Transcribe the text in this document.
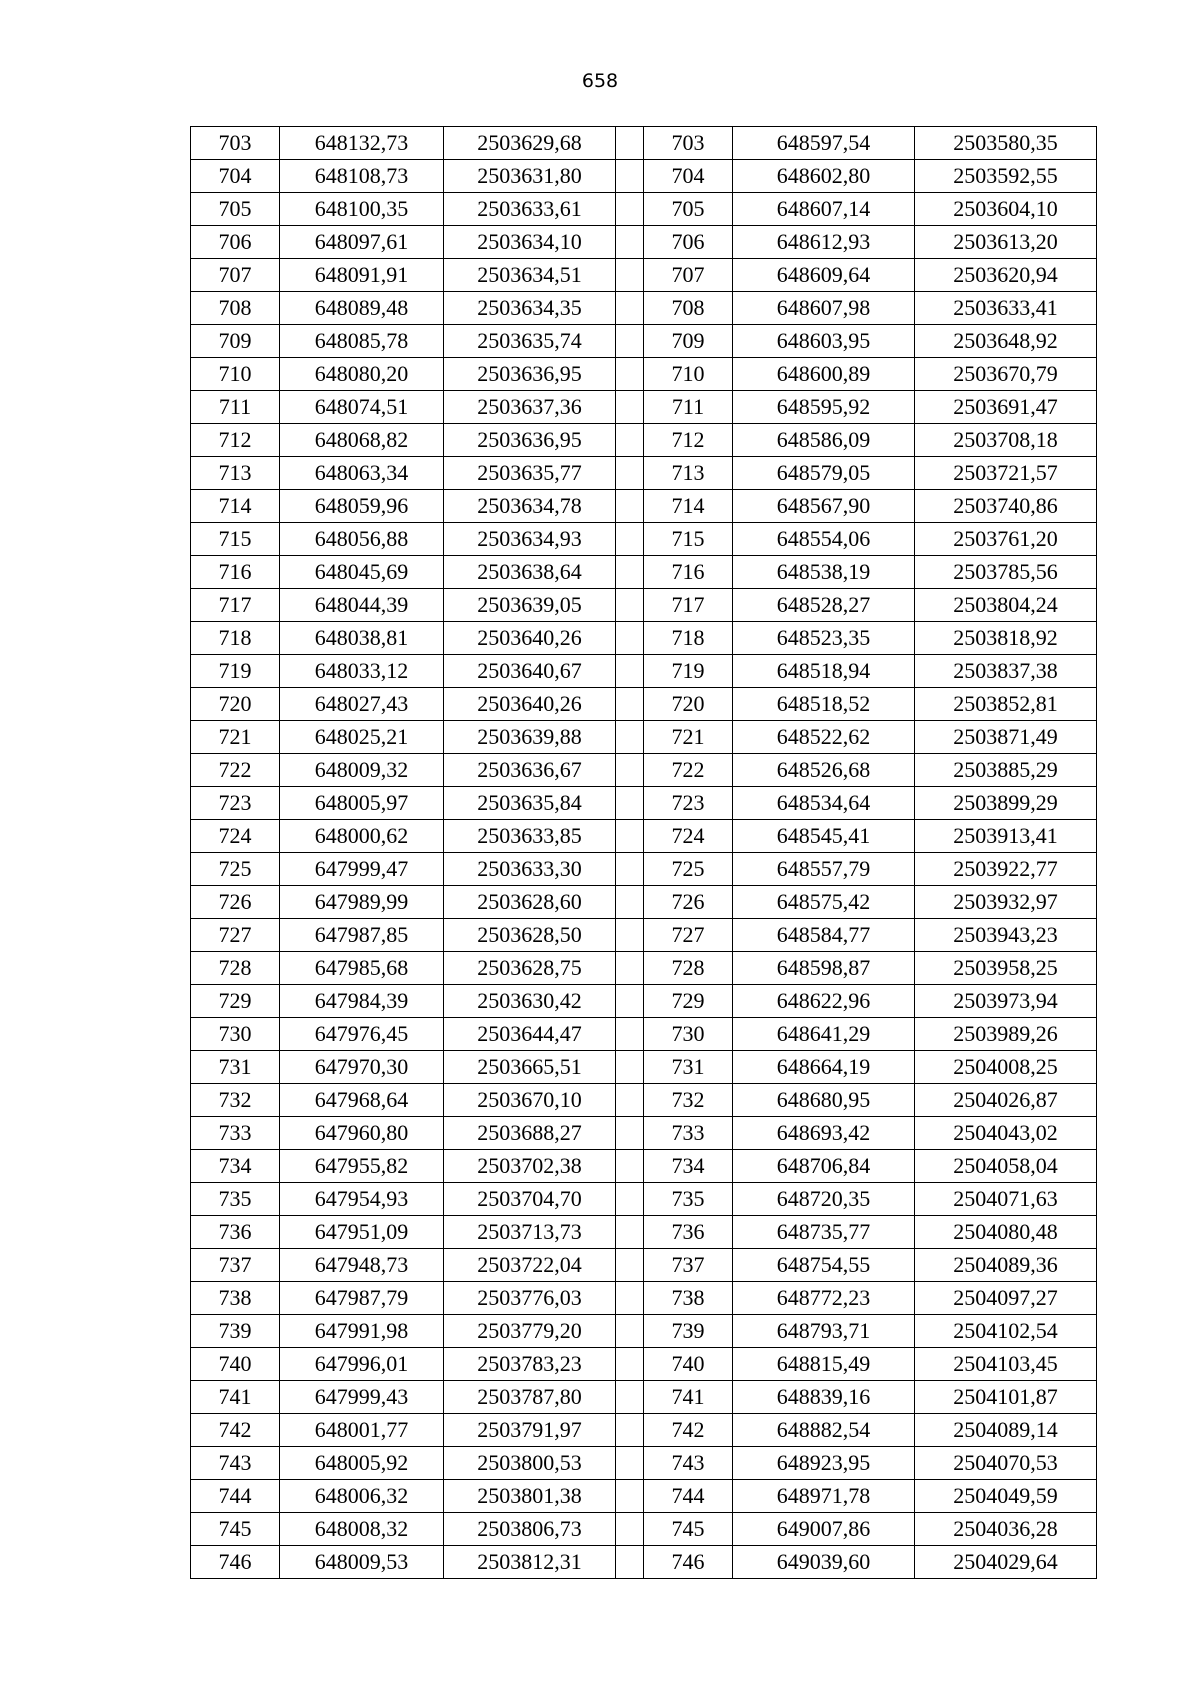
658
703	648132,73	2503629,68		703	648597,54	2503580,35
704	648108,73	2503631,80		704	648602,80	2503592,55
705	648100,35	2503633,61		705	648607,14	2503604,10
706	648097,61	2503634,10		706	648612,93	2503613,20
707	648091,91	2503634,51		707	648609,64	2503620,94
708	648089,48	2503634,35		708	648607,98	2503633,41
709	648085,78	2503635,74		709	648603,95	2503648,92
710	648080,20	2503636,95		710	648600,89	2503670,79
711	648074,51	2503637,36		711	648595,92	2503691,47
712	648068,82	2503636,95		712	648586,09	2503708,18
713	648063,34	2503635,77		713	648579,05	2503721,57
714	648059,96	2503634,78		714	648567,90	2503740,86
715	648056,88	2503634,93		715	648554,06	2503761,20
716	648045,69	2503638,64		716	648538,19	2503785,56
717	648044,39	2503639,05		717	648528,27	2503804,24
718	648038,81	2503640,26		718	648523,35	2503818,92
719	648033,12	2503640,67		719	648518,94	2503837,38
720	648027,43	2503640,26		720	648518,52	2503852,81
721	648025,21	2503639,88		721	648522,62	2503871,49
722	648009,32	2503636,67		722	648526,68	2503885,29
723	648005,97	2503635,84		723	648534,64	2503899,29
724	648000,62	2503633,85		724	648545,41	2503913,41
725	647999,47	2503633,30		725	648557,79	2503922,77
726	647989,99	2503628,60		726	648575,42	2503932,97
727	647987,85	2503628,50		727	648584,77	2503943,23
728	647985,68	2503628,75		728	648598,87	2503958,25
729	647984,39	2503630,42		729	648622,96	2503973,94
730	647976,45	2503644,47		730	648641,29	2503989,26
731	647970,30	2503665,51		731	648664,19	2504008,25
732	647968,64	2503670,10		732	648680,95	2504026,87
733	647960,80	2503688,27		733	648693,42	2504043,02
734	647955,82	2503702,38		734	648706,84	2504058,04
735	647954,93	2503704,70		735	648720,35	2504071,63
736	647951,09	2503713,73		736	648735,77	2504080,48
737	647948,73	2503722,04		737	648754,55	2504089,36
738	647987,79	2503776,03		738	648772,23	2504097,27
739	647991,98	2503779,20		739	648793,71	2504102,54
740	647996,01	2503783,23		740	648815,49	2504103,45
741	647999,43	2503787,80		741	648839,16	2504101,87
742	648001,77	2503791,97		742	648882,54	2504089,14
743	648005,92	2503800,53		743	648923,95	2504070,53
744	648006,32	2503801,38		744	648971,78	2504049,59
745	648008,32	2503806,73		745	649007,86	2504036,28
746	648009,53	2503812,31		746	649039,60	2504029,64
